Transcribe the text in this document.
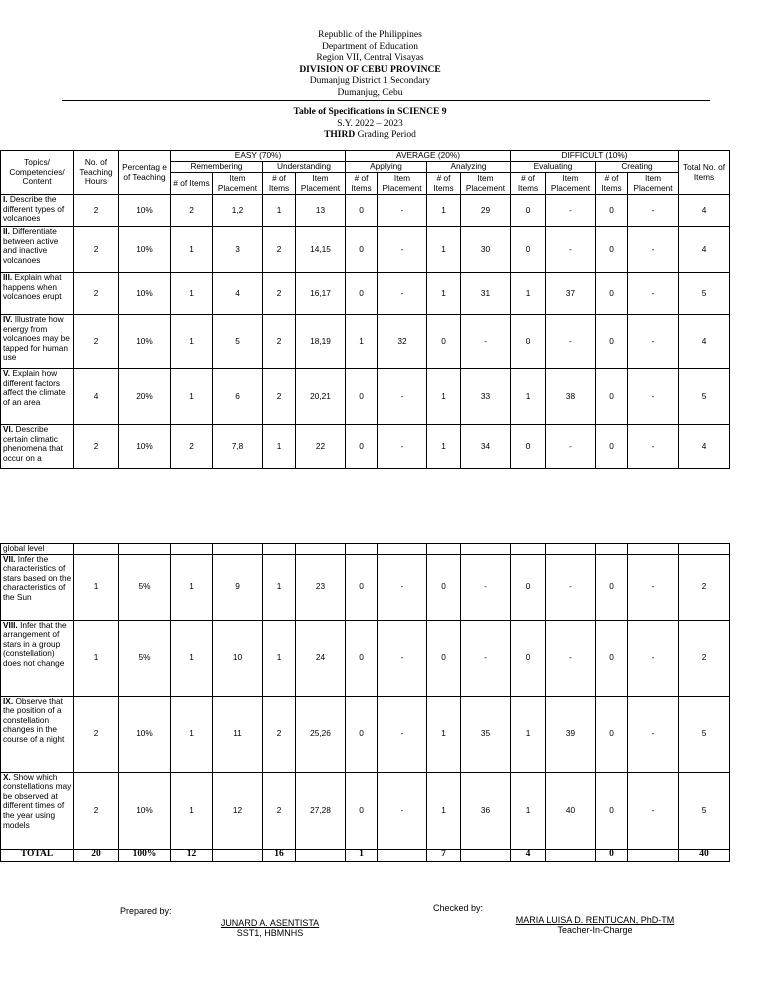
Republic of the Philippines
Department of Education
Region VII, Central Visayas
DIVISION OF CEBU PROVINCE
Dumanjug District 1 Secondary
Dumanjug, Cebu
Table of Specifications in SCIENCE 9
S.Y. 2022 – 2023
THIRD Grading Period
Topics/ Competencies/ Content	No. of Teaching Hours	Percentag e of Teaching	EASY (70%)				AVERAGE (20%)				DIFFICULT (10%)				Total No. of Items
			Remembering		Understanding		Applying		Analyzing		Evaluating		Creating		
			# of Items	Item Placement	# of Items	Item Placement	# of Items	Item Placement	# of Items	Item Placement	# of Items	Item Placement	# of Items	Item Placement	
I. Describe the different types of volcanoes	2	10%	2	1,2	1	13	0	-	1	29	0	-	0	-	4
II. Differentiate between active and inactive volcanoes	2	10%	1	3	2	14,15	0	-	1	30	0	-	0	-	4
III. Explain what happens when volcanoes erupt	2	10%	1	4	2	16,17	0	-	1	31	1	37	0	-	5
IV. Illustrate how energy from volcanoes may be tapped for human use	2	10%	1	5	2	18,19	1	32	0	-	0	-	0	-	4
V. Explain how different factors affect the climate of an area	4	20%	1	6	2	20,21	0	-	1	33	1	38	0	-	5
VI. Describe certain climatic phenomena that occur on a	2	10%	2	7,8	1	22	0	-	1	34	0	-	0	-	4
global level															
VII. Infer the characteristics of stars based on the characteristics of the Sun	1	5%	1	9	1	23	0	-	0	-	0	-	0	-	2
VIII. Infer that the arrangement of stars in a group (constellation) does not change	1	5%	1	10	1	24	0	-	0	-	0	-	0	-	2
IX. Observe that the position of a constellation changes in the course of a night	2	10%	1	11	2	25,26	0	-	1	35	1	39	0	-	5
X. Show which constellations may be observed at different times of the year using models	2	10%	1	12	2	27,28	0	-	1	36	1	40	0	-	5
TOTAL	20	100%	12		16		1		7		4		0		40
Prepared by:
JUNARD A. ASENTISTA
SST1, HBMNHS
Checked by:
MARIA LUISA D. RENTUCAN, PhD-TM
Teacher-In-Charge
